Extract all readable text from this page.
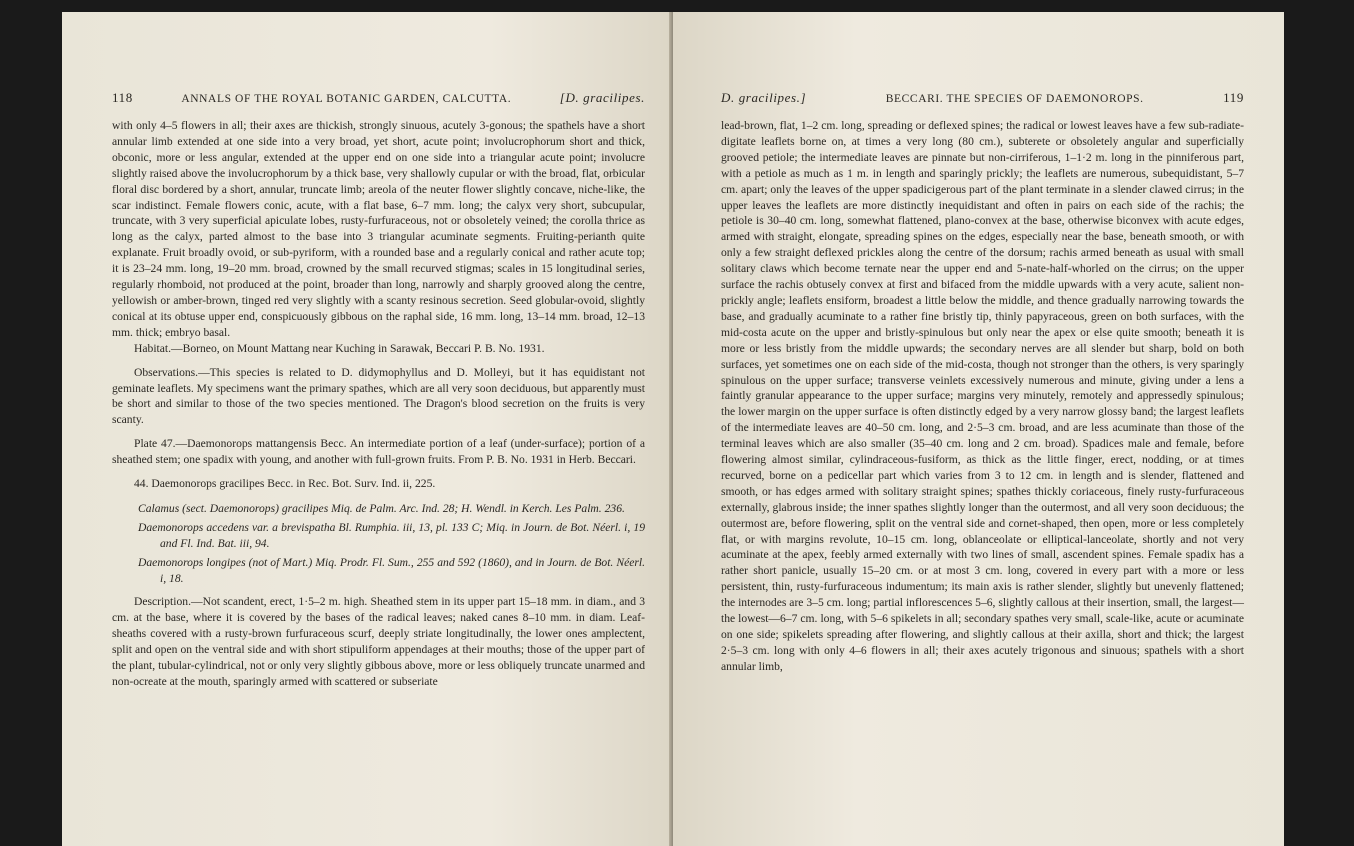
118	ANNALS OF THE ROYAL BOTANIC GARDEN, CALCUTTA.	[D. gracilipes.

with only 4–5 flowers in all; their axes are thickish, strongly sinuous, acutely 3-gonous; the spathels have a short annular limb extended at one side into a very broad, yet short, acute point; involucrophorum short and thick, obconic, more or less angular, extended at the upper end on one side into a triangular acute point; involucre slightly raised above the involucrophorum by a thick base, very shallowly cupular or with the broad, flat, orbicular floral disc bordered by a short, annular, truncate limb; areola of the neuter flower slightly concave, niche-like, the scar indistinct. Female flowers conic, acute, with a flat base, 6–7 mm. long; the calyx very short, subcupular, truncate, with 3 very superficial apiculate lobes, rusty-furfuraceous, not or obsoletely veined; the corolla thrice as long as the calyx, parted almost to the base into 3 triangular acuminate segments. Fruiting-perianth quite explanate. Fruit broadly ovoid, or sub-pyriform, with a rounded base and a regularly conical and rather acute top; it is 23–24 mm. long, 19–20 mm. broad, crowned by the small recurved stigmas; scales in 15 longitudinal series, regularly rhomboid, not produced at the point, broader than long, narrowly and sharply grooved along the centre, yellowish or amber-brown, tinged red very slightly with a scanty resinous secretion. Seed globular-ovoid, slightly conical at its obtuse upper end, conspicuously gibbous on the raphal side, 16 mm. long, 13–14 mm. broad, 12–13 mm. thick; embryo basal.

Habitat.—Borneo, on Mount Mattang near Kuching in Sarawak, Beccari P. B. No. 1931.

Observations.—This species is related to D. didymophyllus and D. Molleyi, but it has equidistant not geminate leaflets. My specimens want the primary spathes, which are all very soon deciduous, but apparently must be short and similar to those of the two species mentioned. The Dragon's blood secretion on the fruits is very scanty.

Plate 47.—Daemonorops mattangensis Becc. An intermediate portion of a leaf (under-surface); portion of a sheathed stem; one spadix with young, and another with full-grown fruits. From P. B. No. 1931 in Herb. Beccari.

44. Daemonorops gracilipes Becc. in Rec. Bot. Surv. Ind. ii, 225.

Calamus (sect. Daemonorops) gracilipes Miq. de Palm. Arc. Ind. 28; H. Wendl. in Kerch. Les Palm. 236.

Daemonorops accedens var. a brevispatha Bl. Rumphia. iii, 13, pl. 133 C; Miq. in Journ. de Bot. Néerl. i, 19 and Fl. Ind. Bat. iii, 94.

Daemonorops longipes (not of Mart.) Miq. Prodr. Fl. Sum., 255 and 592 (1860), and in Journ. de Bot. Néerl. i, 18.

Description.—Not scandent, erect, 1·5–2 m. high. Sheathed stem in its upper part 15–18 mm. in diam., and 3 cm. at the base, where it is covered by the bases of the radical leaves; naked canes 8–10 mm. in diam. Leaf-sheaths covered with a rusty-brown furfuraceous scurf, deeply striate longitudinally, the lower ones amplectent, split and open on the ventral side and with short stipuliform appendages at their mouths; those of the upper part of the plant, tubular-cylindrical, not or only very slightly gibbous above, more or less obliquely truncate unarmed and non-ocreate at the mouth, sparingly armed with scattered or subseriate

D. gracilipes.]	BECCARI. THE SPECIES OF DAEMONOROPS.	119

lead-brown, flat, 1–2 cm. long, spreading or deflexed spines; the radical or lowest leaves have a few sub-radiate-digitate leaflets borne on, at times a very long (80 cm.), subterete or obsoletely angular and superficially grooved petiole; the intermediate leaves are pinnate but non-cirriferous, 1–1·2 m. long in the pinniferous part, with a petiole as much as 1 m. in length and sparingly prickly; the leaflets are numerous, subequidistant, 5–7 cm. apart; only the leaves of the upper spadicigerous part of the plant terminate in a slender clawed cirrus; in the upper leaves the leaflets are more distinctly inequidistant and often in pairs on each side of the rachis; the petiole is 30–40 cm. long, somewhat flattened, plano-convex at the base, otherwise biconvex with acute edges, armed with straight, elongate, spreading spines on the edges, especially near the base, beneath smooth, or with only a few straight deflexed prickles along the centre of the dorsum; rachis armed beneath as usual with small solitary claws which become ternate near the upper end and 5-nate-half-whorled on the cirrus; on the upper surface the rachis obtusely convex at first and bifaced from the middle upwards with a very acute, salient non-prickly angle; leaflets ensiform, broadest a little below the middle, and thence gradually narrowing towards the base, and gradually acuminate to a rather fine bristly tip, thinly papyraceous, green on both surfaces, with the mid-costa acute on the upper and bristly-spinulous but only near the apex or else quite smooth; beneath it is more or less bristly from the middle upwards; the secondary nerves are all slender but sharp, bold on both surfaces, yet sometimes one on each side of the mid-costa, though not stronger than the others, is very sparingly spinulous on the upper surface; transverse veinlets excessively numerous and minute, giving under a lens a faintly granular appearance to the upper surface; margins very minutely, remotely and appressedly spinulous; the lower margin on the upper surface is often distinctly edged by a very narrow glossy band; the largest leaflets of the intermediate leaves are 40–50 cm. long, and 2·5–3 cm. broad, and are less acuminate than those of the terminal leaves which are also smaller (35–40 cm. long and 2 cm. broad). Spadices male and female, before flowering almost similar, cylindraceous-fusiform, as thick as the little finger, erect, nodding, or at times recurved, borne on a pedicellar part which varies from 3 to 12 cm. in length and is slender, flattened and smooth, or has edges armed with solitary straight spines; spathes thickly coriaceous, finely rusty-furfuraceous externally, glabrous inside; the inner spathes slightly longer than the outermost, and all very soon deciduous; the outermost are, before flowering, split on the ventral side and cornet-shaped, then open, more or less completely flat, or with margins revolute, 10–15 cm. long, oblanceolate or elliptical-lanceolate, shortly and not very acuminate at the apex, feebly armed externally with two lines of small, ascendent spines. Female spadix has a rather short panicle, usually 15–20 cm. or at most 3 cm. long, covered in every part with a more or less persistent, thin, rusty-furfuraceous indumentum; its main axis is rather slender, slightly but unevenly flattened; the internodes are 3–5 cm. long; partial inflorescences 5–6, slightly callous at their insertion, small, the largest—the lowest—6–7 cm. long, with 5–6 spikelets in all; secondary spathes very small, scale-like, acute or acuminate on one side; spikelets spreading after flowering, and slightly callous at their axilla, short and thick; the largest 2·5–3 cm. long with only 4–6 flowers in all; their axes acutely trigonous and sinuous; spathels with a short annular limb,
